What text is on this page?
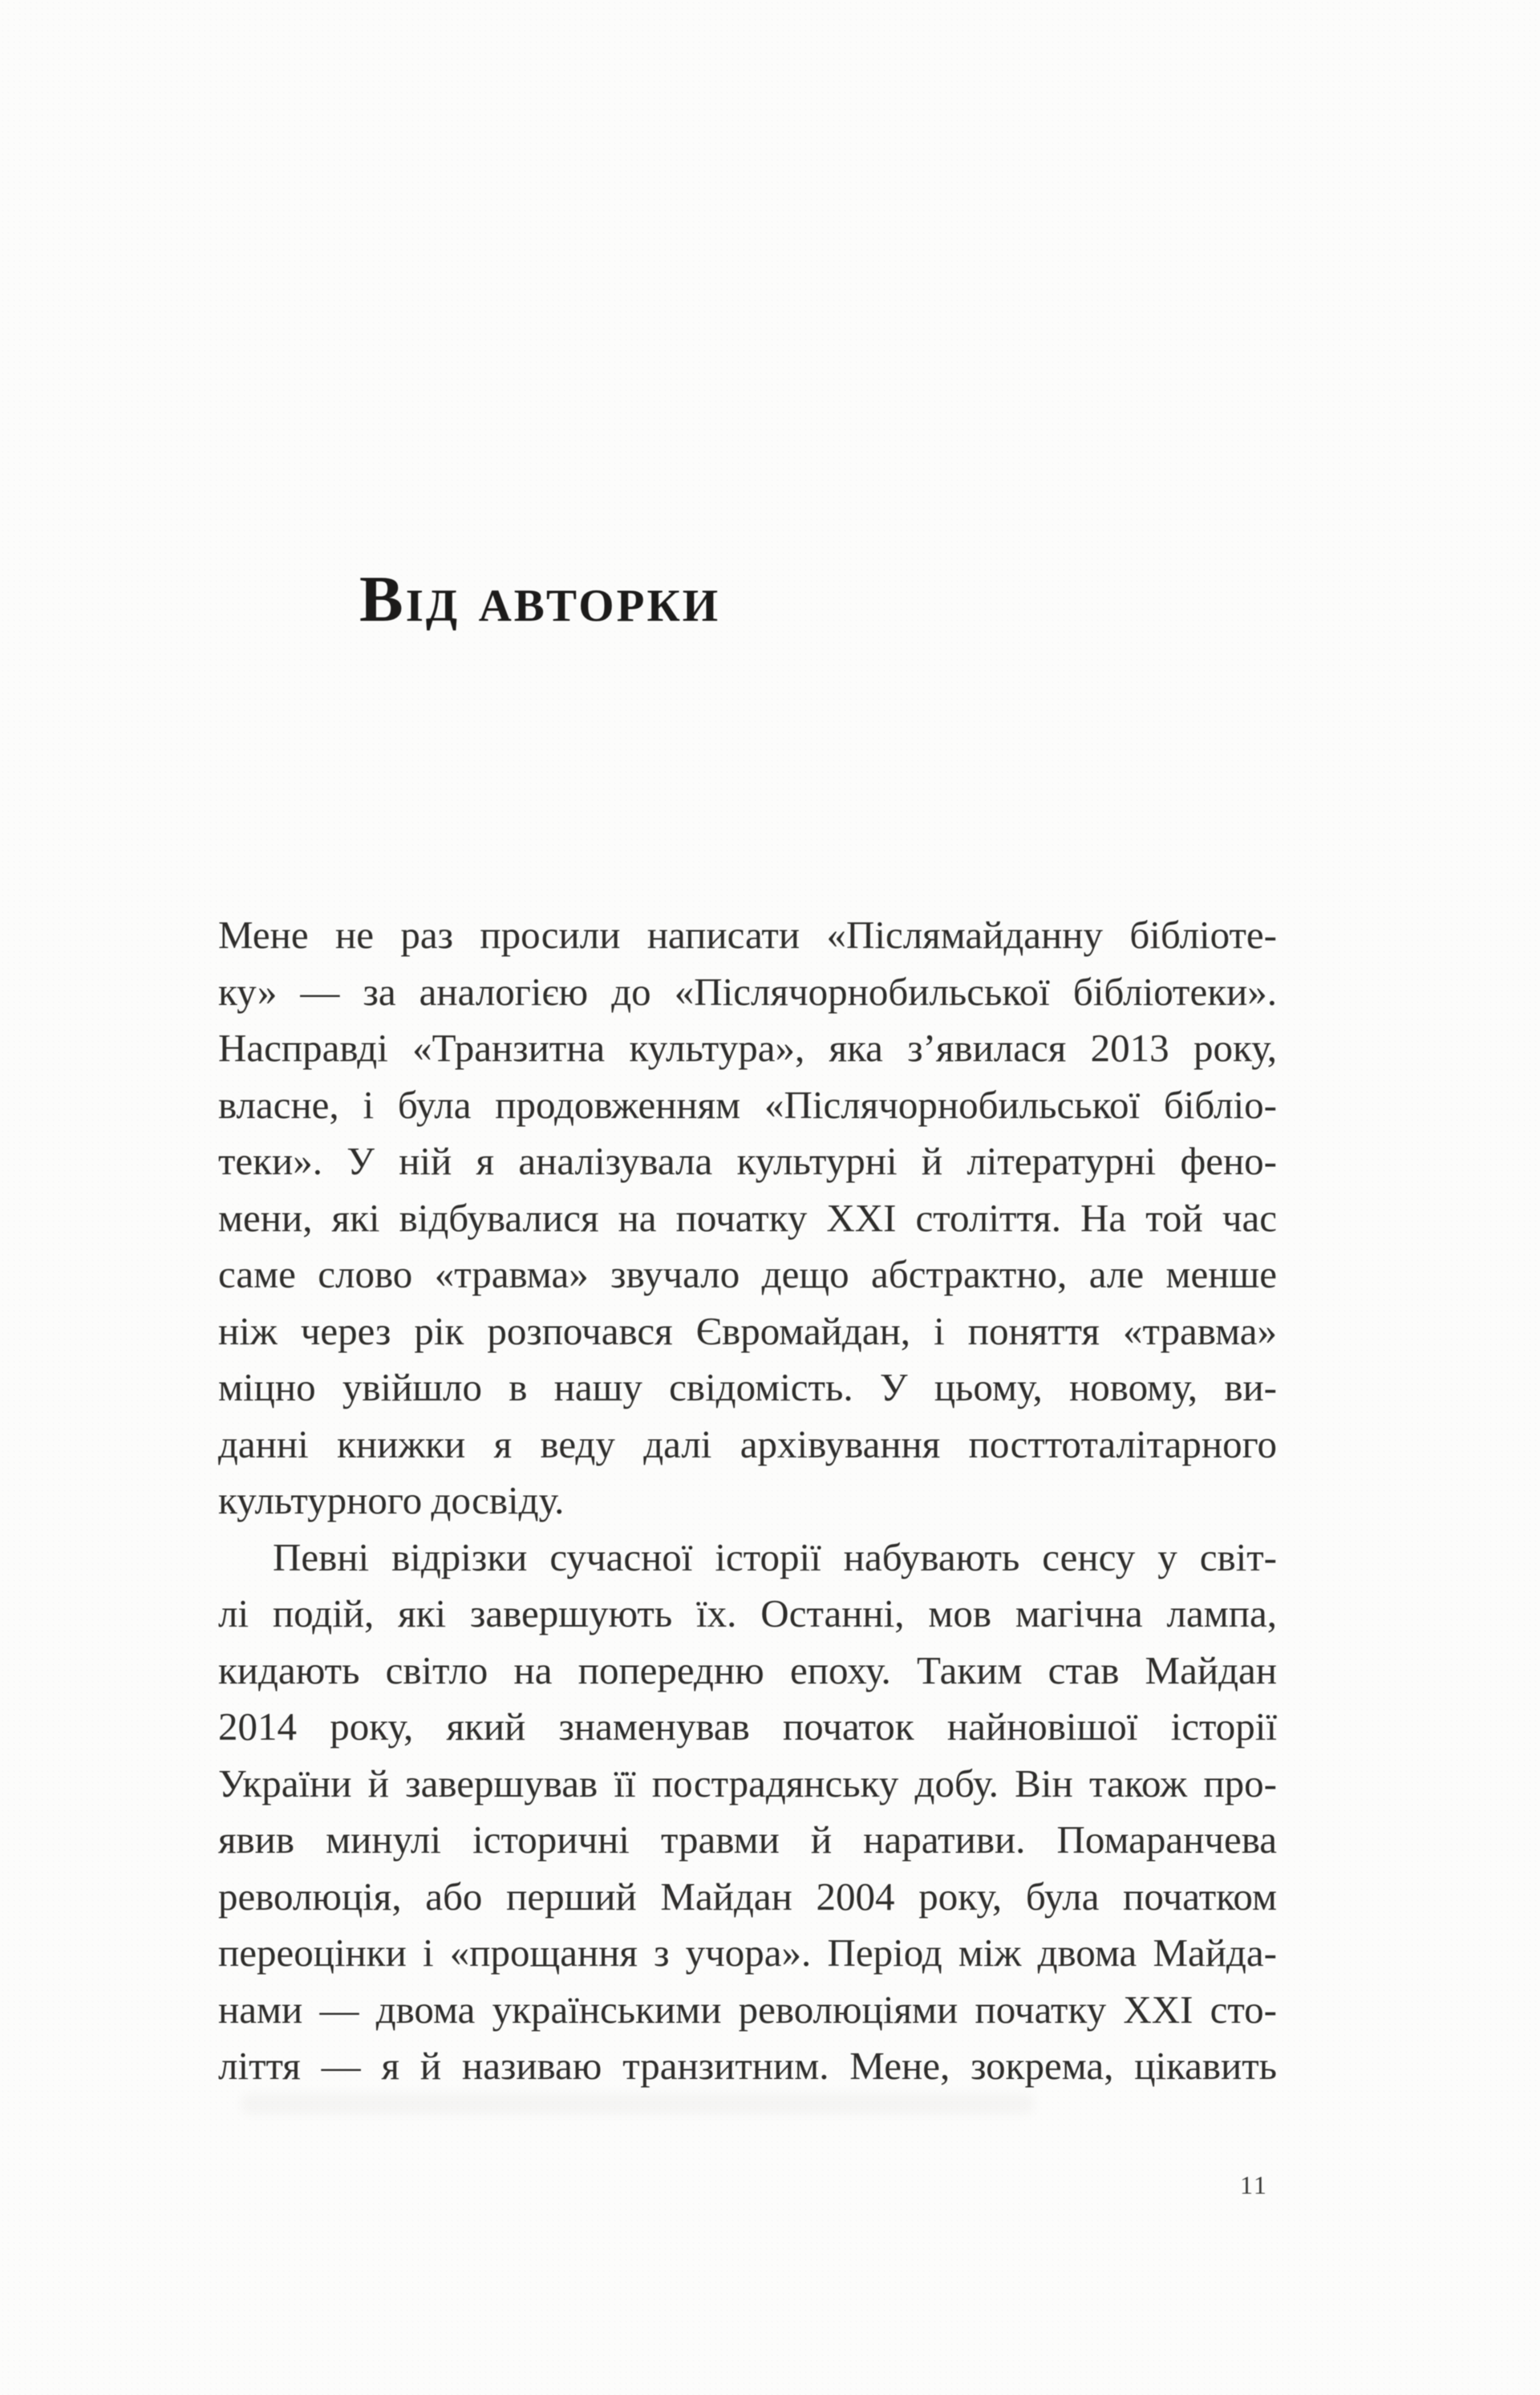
Від авторки
Мене не раз просили написати «Післямайданну бібліоте-
ку» — за аналогією до «Післячорнобильської бібліотеки».
Насправді «Транзитна культура», яка з’явилася 2013 року,
власне, і була продовженням «Післячорнобильської бібліо-
теки». У ній я аналізувала культурні й літературні фено-
мени, які відбувалися на початку XXI століття. На той час
саме слово «травма» звучало дещо абстрактно, але менше
ніж через рік розпочався Євромайдан, і поняття «травма»
міцно увійшло в нашу свідомість. У цьому, новому, ви-
данні книжки я веду далі архівування посттоталітарного
культурного досвіду.
Певні відрізки сучасної історії набувають сенсу у світ-
лі подій, які завершують їх. Останні, мов магічна лампа,
кидають світло на попередню епоху. Таким став Майдан
2014 року, який знаменував початок найновішої історії
України й завершував її пострадянську добу. Він також про-
явив минулі історичні травми й наративи. Помаранчева
революція, або перший Майдан 2004 року, була початком
переоцінки і «прощання з учора». Період між двома Майда-
нами — двома українськими революціями початку XXI сто-
ліття — я й називаю транзитним. Мене, зокрема, цікавить
11
